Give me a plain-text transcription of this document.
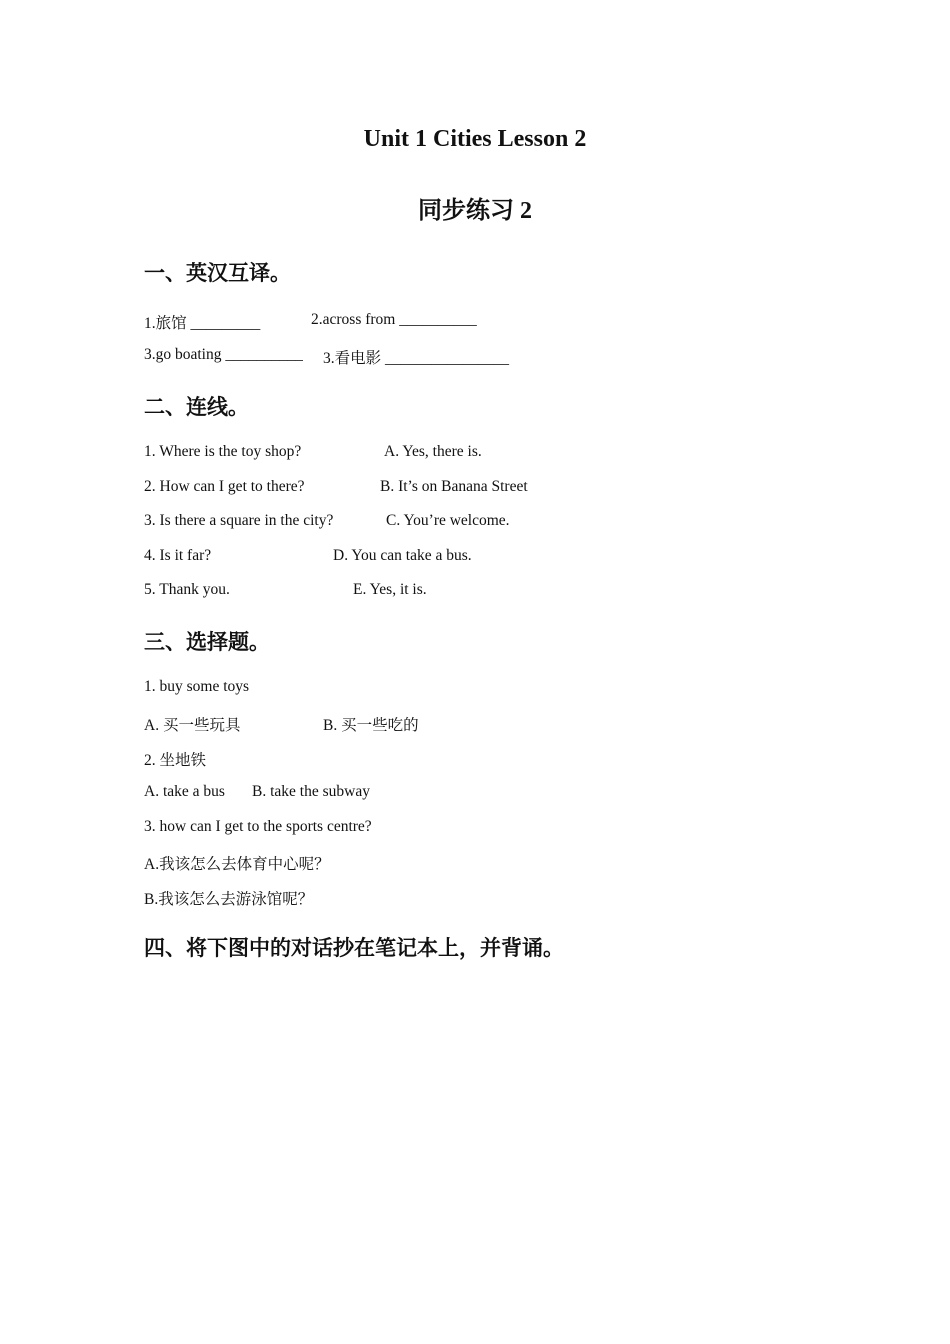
Unit 1 Cities Lesson 2
同步练习 2
一、英汉互译。
1.旅馆 _________	2.across from __________
3.go boating __________ 3.看电影 ________________
二、连线。
1. Where is the toy shop?	A. Yes, there is.
2. How can I get to there?	B. It’s on Banana Street
3. Is there a square in the city?	C. You’re welcome.
4. Is it far?	D. You can take a bus.
5. Thank you.	E. Yes, it is.
三、选择题。
1. buy some toys
A. 买一些玩具	B. 买一些吃的
2. 坐地铁
A. take a bus B. take the subway
3. how can I get to the sports centre?
A.我该怎么去体育中心呢？
B.我该怎么去游泳馆呢？
四、将下图中的对话抄在笔记本上，并背诵。
